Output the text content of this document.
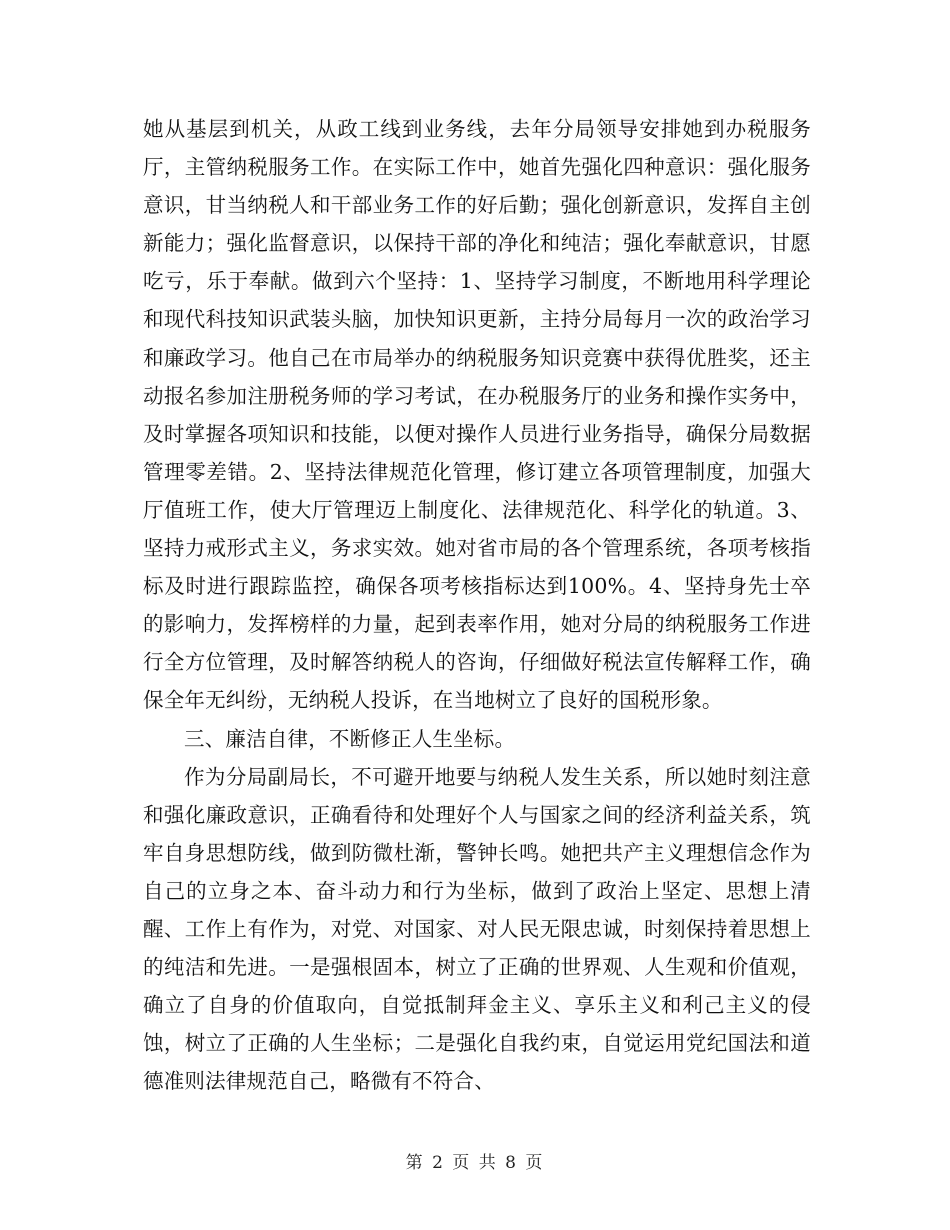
她从基层到机关，从政工线到业务线，去年分局领导安排她到办税服务厅，主管纳税服务工作。在实际工作中，她首先强化四种意识：强化服务意识，甘当纳税人和干部业务工作的好后勤；强化创新意识，发挥自主创新能力；强化监督意识，以保持干部的净化和纯洁；强化奉献意识，甘愿吃亏，乐于奉献。做到六个坚持：1、坚持学习制度，不断地用科学理论和现代科技知识武装头脑，加快知识更新，主持分局每月一次的政治学习和廉政学习。他自己在市局举办的纳税服务知识竞赛中获得优胜奖，还主动报名参加注册税务师的学习考试，在办税服务厅的业务和操作实务中，及时掌握各项知识和技能，以便对操作人员进行业务指导，确保分局数据管理零差错。2、坚持法律规范化管理，修订建立各项管理制度，加强大厅值班工作，使大厅管理迈上制度化、法律规范化、科学化的轨道。3、坚持力戒形式主义，务求实效。她对省市局的各个管理系统，各项考核指标及时进行跟踪监控，确保各项考核指标达到100%。4、坚持身先士卒的影响力，发挥榜样的力量，起到表率作用，她对分局的纳税服务工作进行全方位管理，及时解答纳税人的咨询，仔细做好税法宣传解释工作，确保全年无纠纷，无纳税人投诉，在当地树立了良好的国税形象。

三、廉洁自律，不断修正人生坐标。

作为分局副局长，不可避开地要与纳税人发生关系，所以她时刻注意和强化廉政意识，正确看待和处理好个人与国家之间的经济利益关系，筑牢自身思想防线，做到防微杜渐，警钟长鸣。她把共产主义理想信念作为自己的立身之本、奋斗动力和行为坐标，做到了政治上坚定、思想上清醒、工作上有作为，对党、对国家、对人民无限忠诚，时刻保持着思想上的纯洁和先进。一是强根固本，树立了正确的世界观、人生观和价值观，确立了自身的价值取向，自觉抵制拜金主义、享乐主义和利己主义的侵蚀，树立了正确的人生坐标；二是强化自我约束，自觉运用党纪国法和道德准则法律规范自己，略微有不符合、

第 2 页 共 8 页
